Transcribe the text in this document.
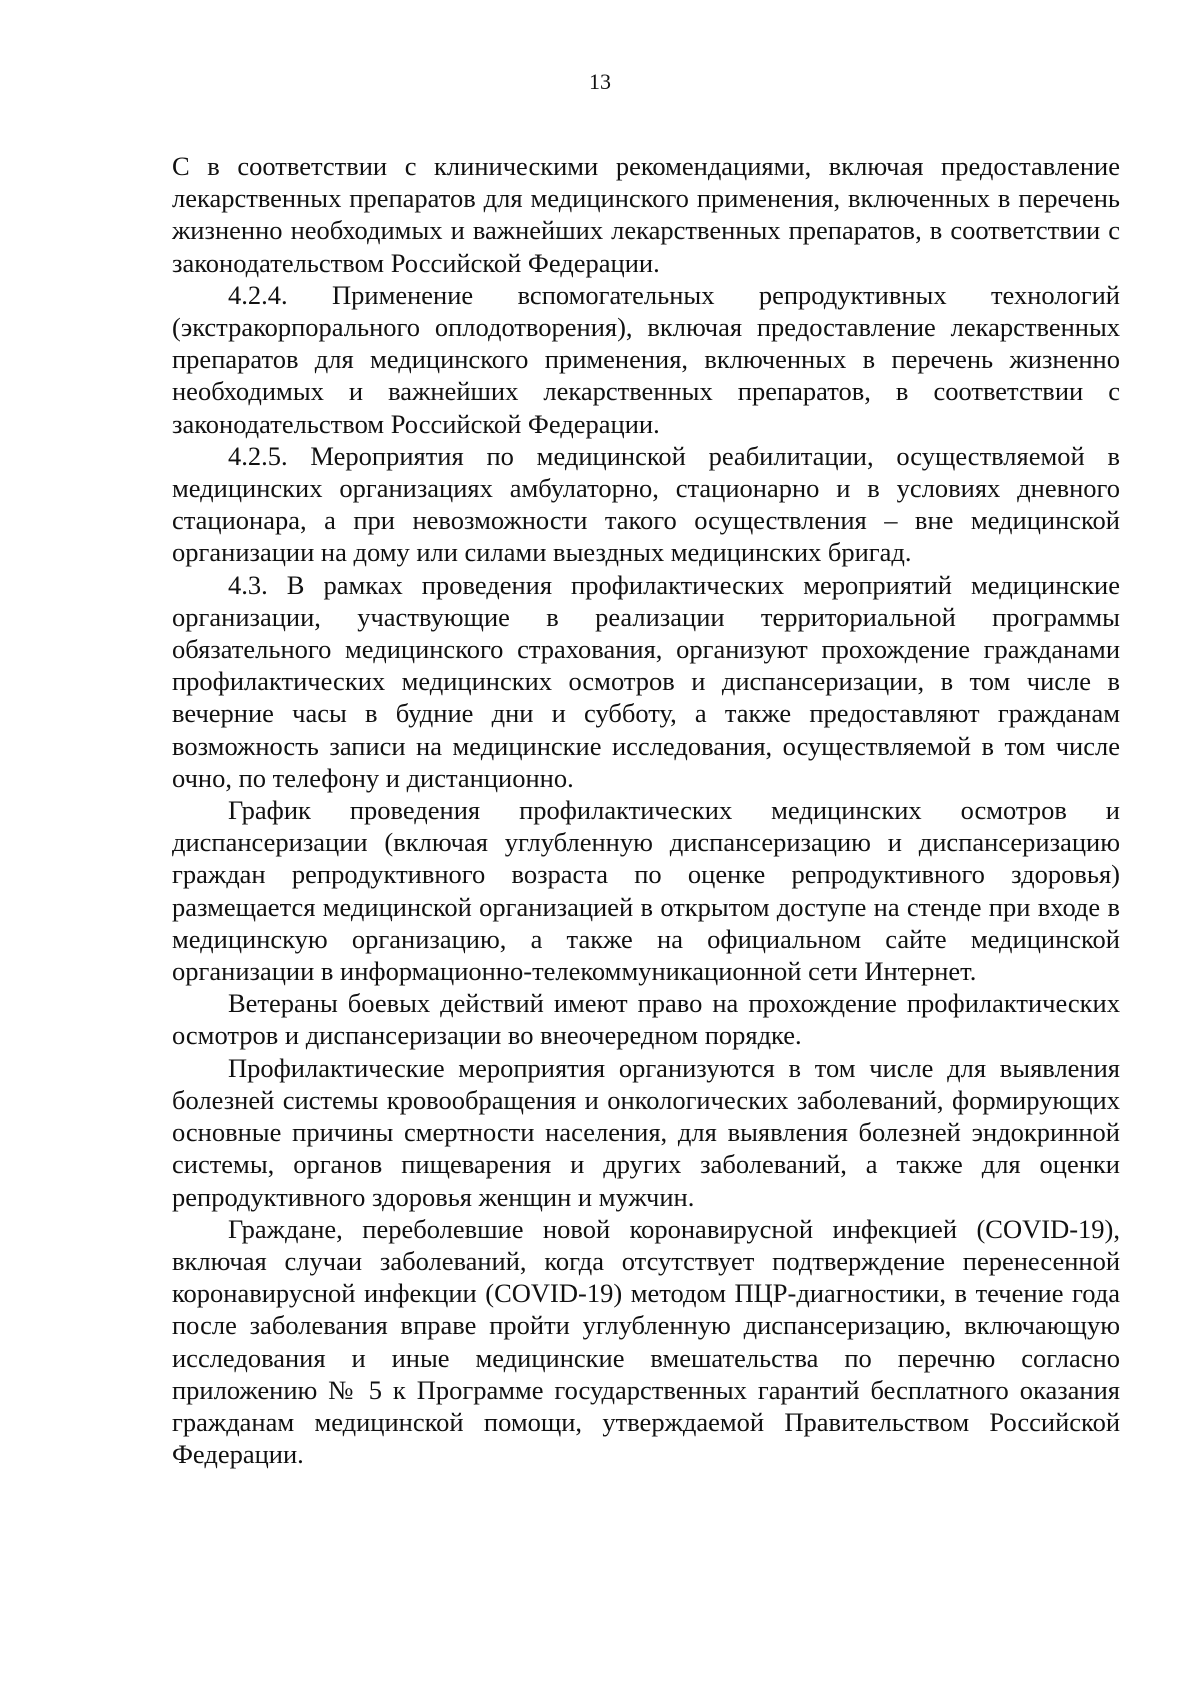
13

С в соответствии с клиническими рекомендациями, включая предоставление лекарственных препаратов для медицинского применения, включенных в перечень жизненно необходимых и важнейших лекарственных препаратов, в соответствии с законодательством Российской Федерации.

4.2.4. Применение вспомогательных репродуктивных технологий (экстракорпорального оплодотворения), включая предоставление лекарственных препаратов для медицинского применения, включенных в перечень жизненно необходимых и важнейших лекарственных препаратов, в соответствии с законодательством Российской Федерации.

4.2.5. Мероприятия по медицинской реабилитации, осуществляемой в медицинских организациях амбулаторно, стационарно и в условиях дневного стационара, а при невозможности такого осуществления – вне медицинской организации на дому или силами выездных медицинских бригад.

4.3. В рамках проведения профилактических мероприятий медицинские организации, участвующие в реализации территориальной программы обязательного медицинского страхования, организуют прохождение гражданами профилактических медицинских осмотров и диспансеризации, в том числе в вечерние часы в будние дни и субботу, а также предоставляют гражданам возможность записи на медицинские исследования, осуществляемой в том числе очно, по телефону и дистанционно.

График проведения профилактических медицинских осмотров и диспансеризации (включая углубленную диспансеризацию и диспансеризацию граждан репродуктивного возраста по оценке репродуктивного здоровья) размещается медицинской организацией в открытом доступе на стенде при входе в медицинскую организацию, а также на официальном сайте медицинской организации в информационно-телекоммуникационной сети Интернет.

Ветераны боевых действий имеют право на прохождение профилактических осмотров и диспансеризации во внеочередном порядке.

Профилактические мероприятия организуются в том числе для выявления болезней системы кровообращения и онкологических заболеваний, формирующих основные причины смертности населения, для выявления болезней эндокринной системы, органов пищеварения и других заболеваний, а также для оценки репродуктивного здоровья женщин и мужчин.

Граждане, переболевшие новой коронавирусной инфекцией (COVID-19), включая случаи заболеваний, когда отсутствует подтверждение перенесенной коронавирусной инфекции (COVID-19) методом ПЦР-диагностики, в течение года после заболевания вправе пройти углубленную диспансеризацию, включающую исследования и иные медицинские вмешательства по перечню согласно приложению № 5 к Программе государственных гарантий бесплатного оказания гражданам медицинской помощи, утверждаемой Правительством Российской Федерации.
